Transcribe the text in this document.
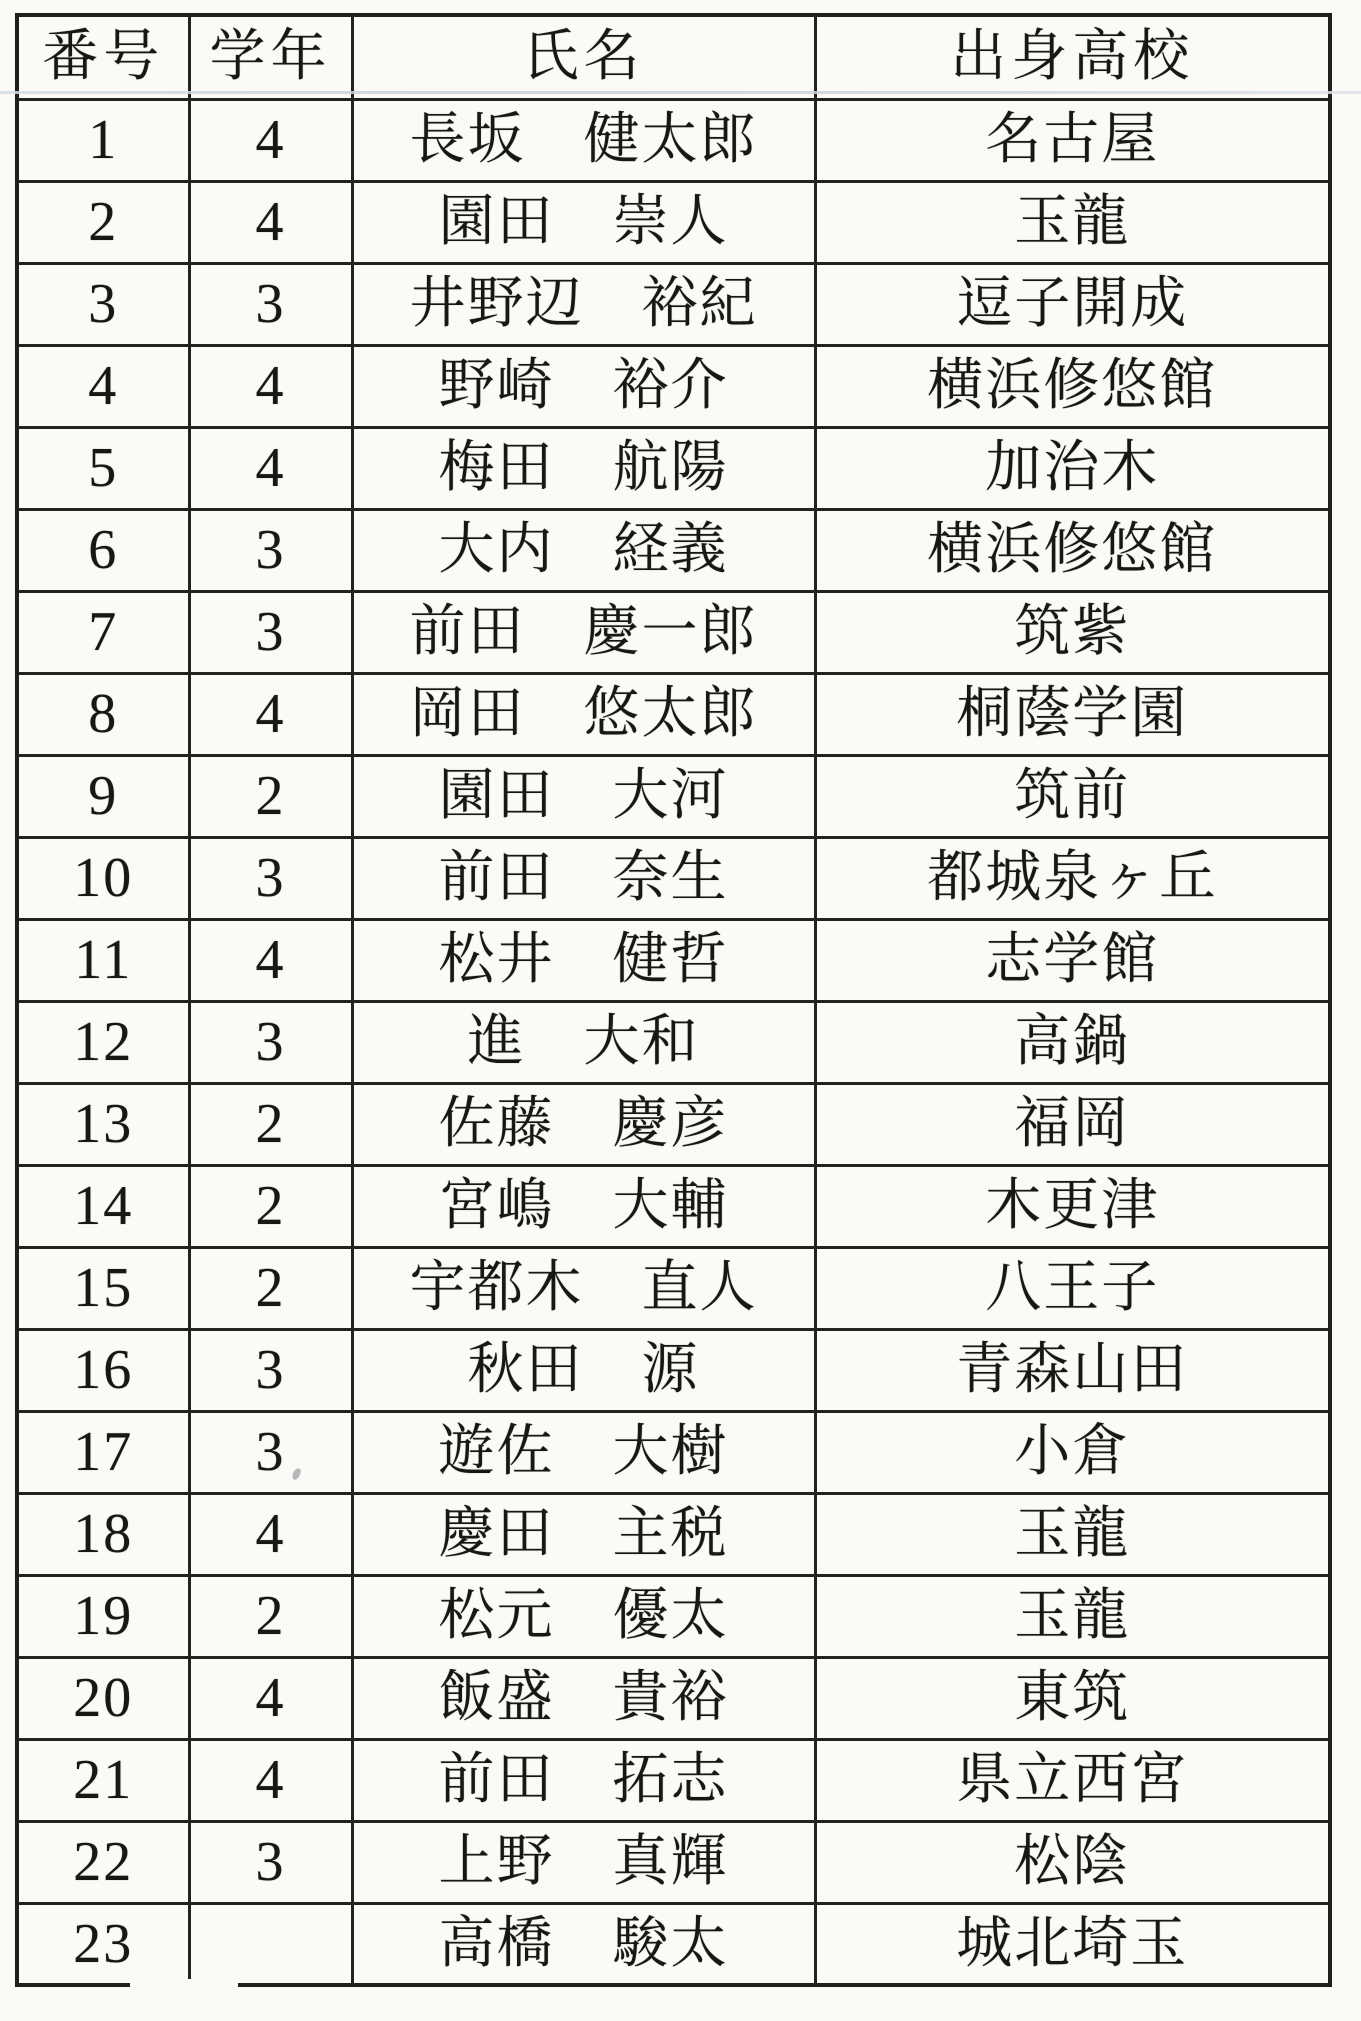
番号	学年	氏名	出身高校
1	4	長坂　健太郎	名古屋
2	4	園田　崇人	玉龍
3	3	井野辺　裕紀	逗子開成
4	4	野崎　裕介	横浜修悠館
5	4	梅田　航陽	加治木
6	3	大内　経義	横浜修悠館
7	3	前田　慶一郎	筑紫
8	4	岡田　悠太郎	桐蔭学園
9	2	園田　大河	筑前
10	3	前田　奈生	都城泉ヶ丘
11	4	松井　健哲	志学館
12	3	進　大和	高鍋
13	2	佐藤　慶彦	福岡
14	2	宮嶋　大輔	木更津
15	2	宇都木　直人	八王子
16	3	秋田　源	青森山田
17	3	遊佐　大樹	小倉
18	4	慶田　主税	玉龍
19	2	松元　優太	玉龍
20	4	飯盛　貴裕	東筑
21	4	前田　拓志	県立西宮
22	3	上野　真輝	松陰
23		高橋　駿太	城北埼玉
